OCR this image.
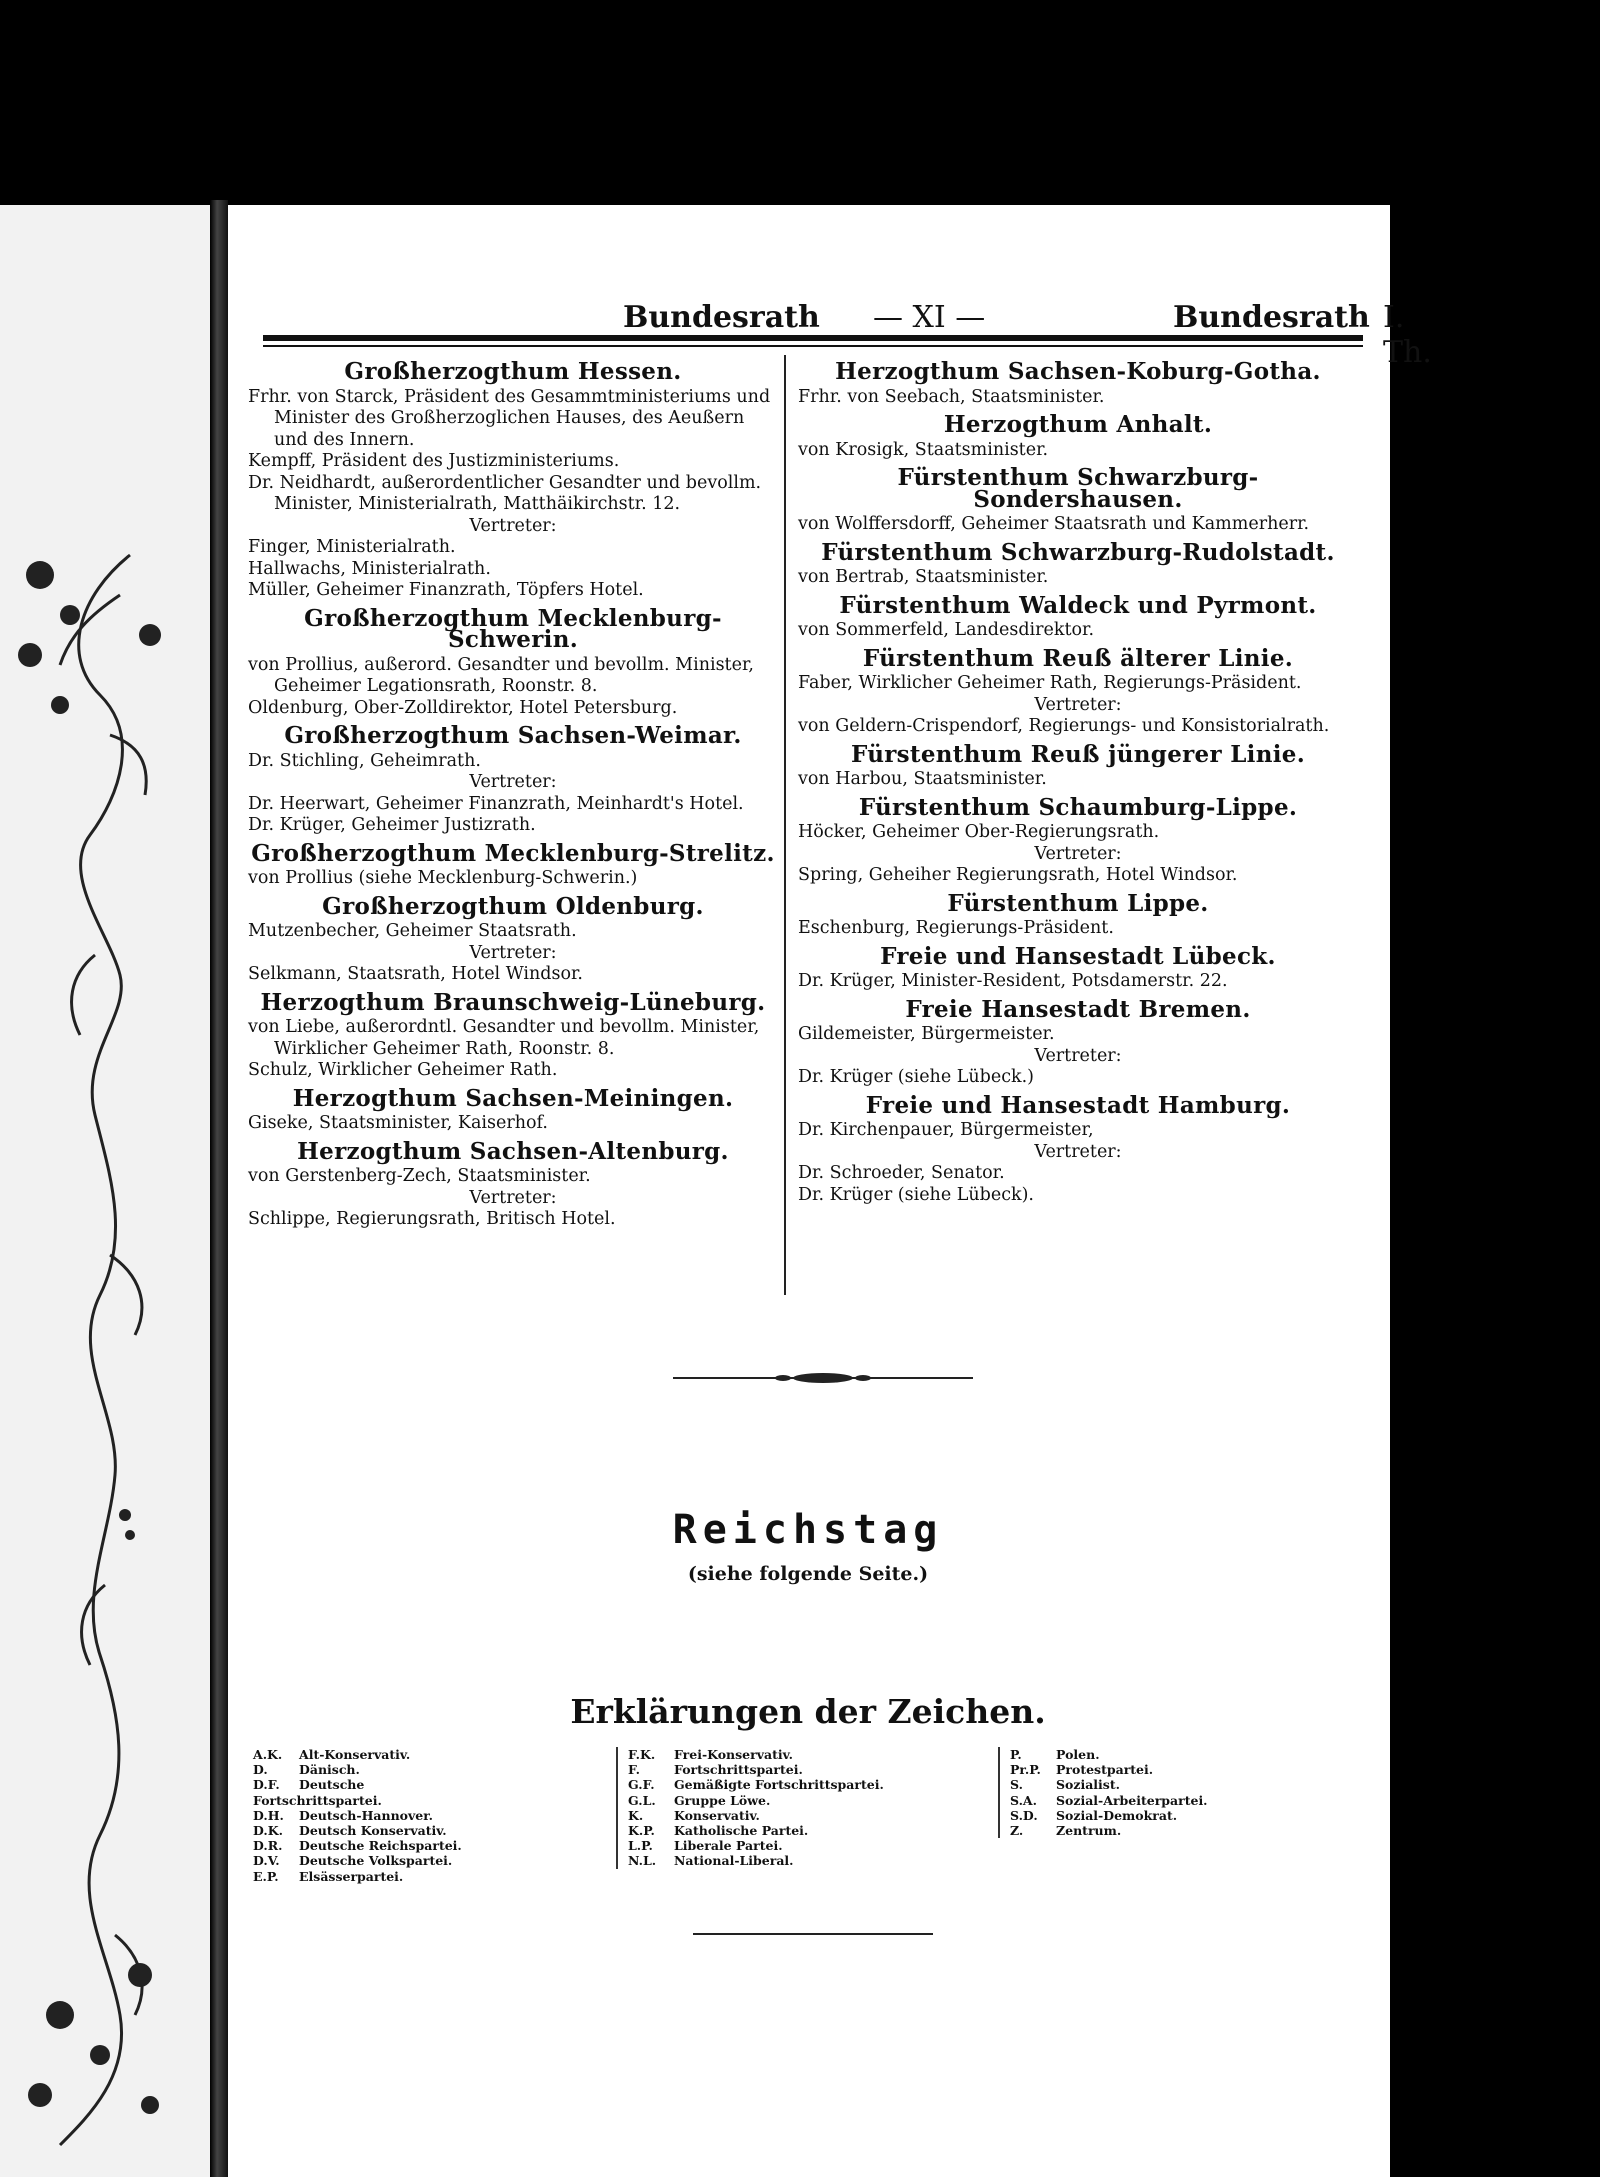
Bundesrath — XI —	Bundesrath I. Th.
Großherzogthum Hessen.
Frhr. von Starck, Präsident des Gesammtministeriums und
Minister des Großherzoglichen Hauses, des Aeußern
und des Innern.
Kempff, Präsident des Justizministeriums.
Dr. Neidhardt, außerordentlicher Gesandter und bevollm.
Minister, Ministerialrath, Matthäikirchstr. 12.
Vertreter:
Finger, Ministerialrath.
Hallwachs, Ministerialrath.
Müller, Geheimer Finanzrath, Töpfers Hotel.
Großherzogthum Mecklenburg-Schwerin.
von Prollius, außerord. Gesandter und bevollm. Minister,
Geheimer Legationsrath, Roonstr. 8.
Oldenburg, Ober-Zolldirektor, Hotel Petersburg.
Großherzogthum Sachsen-Weimar.
Dr. Stichling, Geheimrath.
Vertreter:
Dr. Heerwart, Geheimer Finanzrath, Meinhardt's Hotel.
Dr. Krüger, Geheimer Justizrath.
Großherzogthum Mecklenburg-Strelitz.
von Prollius (siehe Mecklenburg-Schwerin.)
Großherzogthum Oldenburg.
Mutzenbecher, Geheimer Staatsrath.
Vertreter:
Selkmann, Staatsrath, Hotel Windsor.
Herzogthum Braunschweig-Lüneburg.
von Liebe, außerordntl. Gesandter und bevollm. Minister,
Wirklicher Geheimer Rath, Roonstr. 8.
Schulz, Wirklicher Geheimer Rath.
Herzogthum Sachsen-Meiningen.
Giseke, Staatsminister, Kaiserhof.
Herzogthum Sachsen-Altenburg.
von Gerstenberg-Zech, Staatsminister.
Vertreter:
Schlippe, Regierungsrath, Britisch Hotel.
Herzogthum Sachsen-Koburg-Gotha.
Frhr. von Seebach, Staatsminister.
Herzogthum Anhalt.
von Krosigk, Staatsminister.
Fürstenthum Schwarzburg-Sondershausen.
von Wolffersdorff, Geheimer Staatsrath und Kammerherr.
Fürstenthum Schwarzburg-Rudolstadt.
von Bertrab, Staatsminister.
Fürstenthum Waldeck und Pyrmont.
von Sommerfeld, Landesdirektor.
Fürstenthum Reuß älterer Linie.
Faber, Wirklicher Geheimer Rath, Regierungs-Präsident.
Vertreter:
von Geldern-Crispendorf, Regierungs- und Konsistorialrath.
Fürstenthum Reuß jüngerer Linie.
von Harbou, Staatsminister.
Fürstenthum Schaumburg-Lippe.
Höcker, Geheimer Ober-Regierungsrath.
Vertreter:
Spring, Geheiher Regierungsrath, Hotel Windsor.
Fürstenthum Lippe.
Eschenburg, Regierungs-Präsident.
Freie und Hansestadt Lübeck.
Dr. Krüger, Minister-Resident, Potsdamerstr. 22.
Freie Hansestadt Bremen.
Gildemeister, Bürgermeister.
Vertreter:
Dr. Krüger (siehe Lübeck.)
Freie und Hansestadt Hamburg.
Dr. Kirchenpauer, Bürgermeister,
Vertreter:
Dr. Schroeder, Senator.
Dr. Krüger (siehe Lübeck).
Reichstag
(siehe folgende Seite.)
Erklärungen der Zeichen.
A.K. Alt-Konservativ.
D.	Dänisch.
D.F. Deutsche Fortschrittspartei.
D.H. Deutsch-Hannover.
D.K. Deutsch Konservativ.
D.R. Deutsche Reichspartei.
D.V. Deutsche Volkspartei.
E.P. Elsässerpartei.
F.K. Frei-Konservativ.
F.	Fortschrittspartei.
G.F. Gemäßigte Fortschrittspartei.
G.L. Gruppe Löwe.
K. Konservativ.
K.P. Katholische Partei.
L.P. Liberale Partei.
N.L. National-Liberal.
P.	Polen.
Pr.P. Protestpartei.
S.	Sozialist.
S.A. Sozial-Arbeiterpartei.
S.D. Sozial-Demokrat.
Z.	Zentrum.
